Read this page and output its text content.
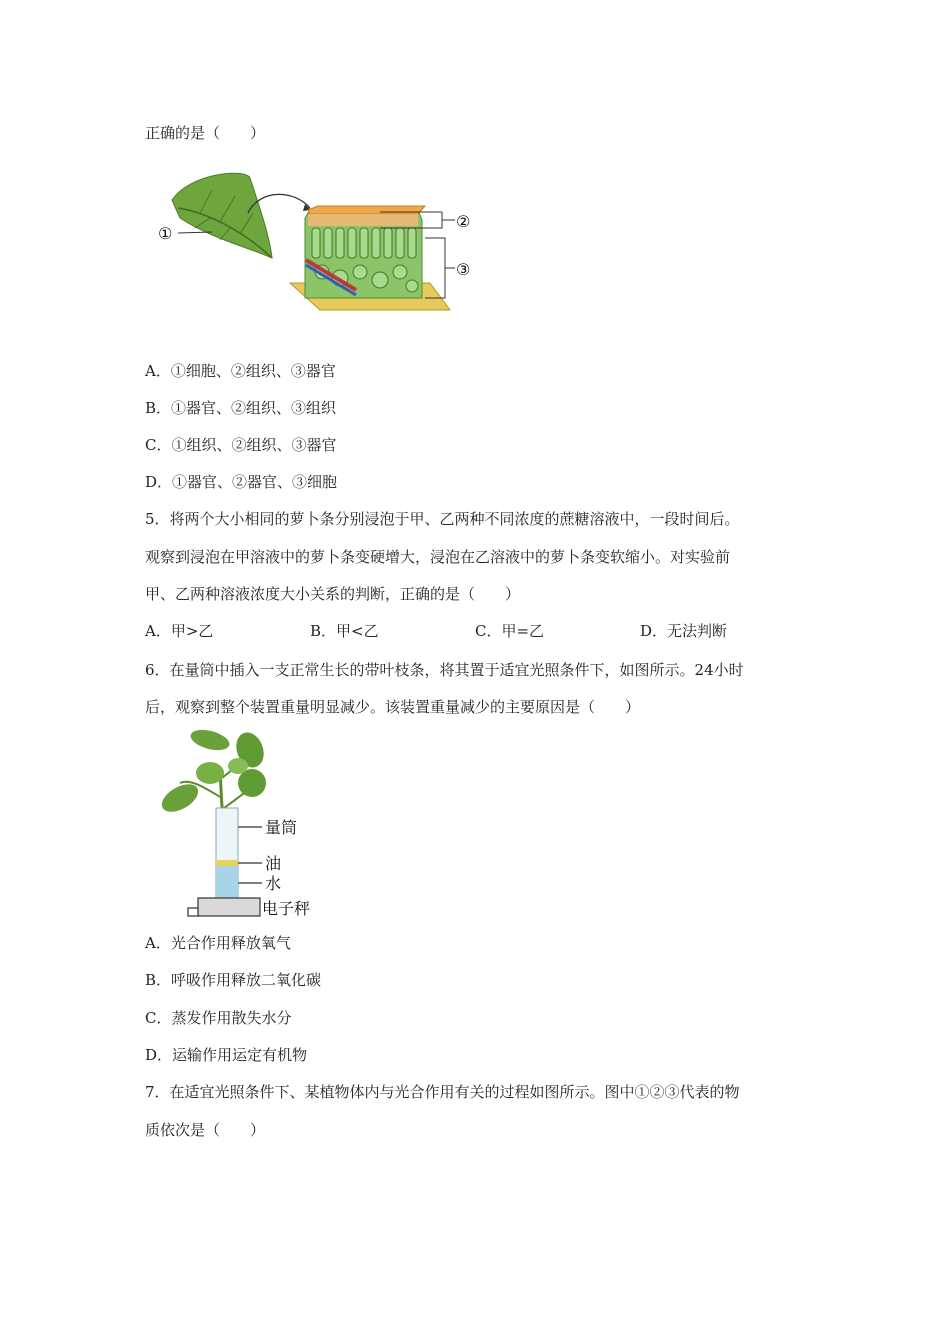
正确的是（　　）
①
②
③
A．①细胞、②组织、③器官
B．①器官、②组织、③组织
C．①组织、②组织、③器官
D．①器官、②器官、③细胞
5．将两个大小相同的萝卜条分别浸泡于甲、乙两种不同浓度的蔗糖溶液中，一段时间后。
观察到浸泡在甲溶液中的萝卜条变硬增大，浸泡在乙溶液中的萝卜条变软缩小。对实验前
甲、乙两种溶液浓度大小关系的判断，正确的是（　　）
A．甲>乙	B．甲<乙	C．甲=乙	D．无法判断
6．在量筒中插入一支正常生长的带叶枝条，将其置于适宜光照条件下，如图所示。24小时
后，观察到整个装置重量明显减少。该装置重量减少的主要原因是（　　）
量筒
油
水
电子秤
A．光合作用释放氧气
B．呼吸作用释放二氧化碳
C．蒸发作用散失水分
D．运输作用运定有机物
7．在适宜光照条件下、某植物体内与光合作用有关的过程如图所示。图中①②③代表的物
质依次是（　　）
